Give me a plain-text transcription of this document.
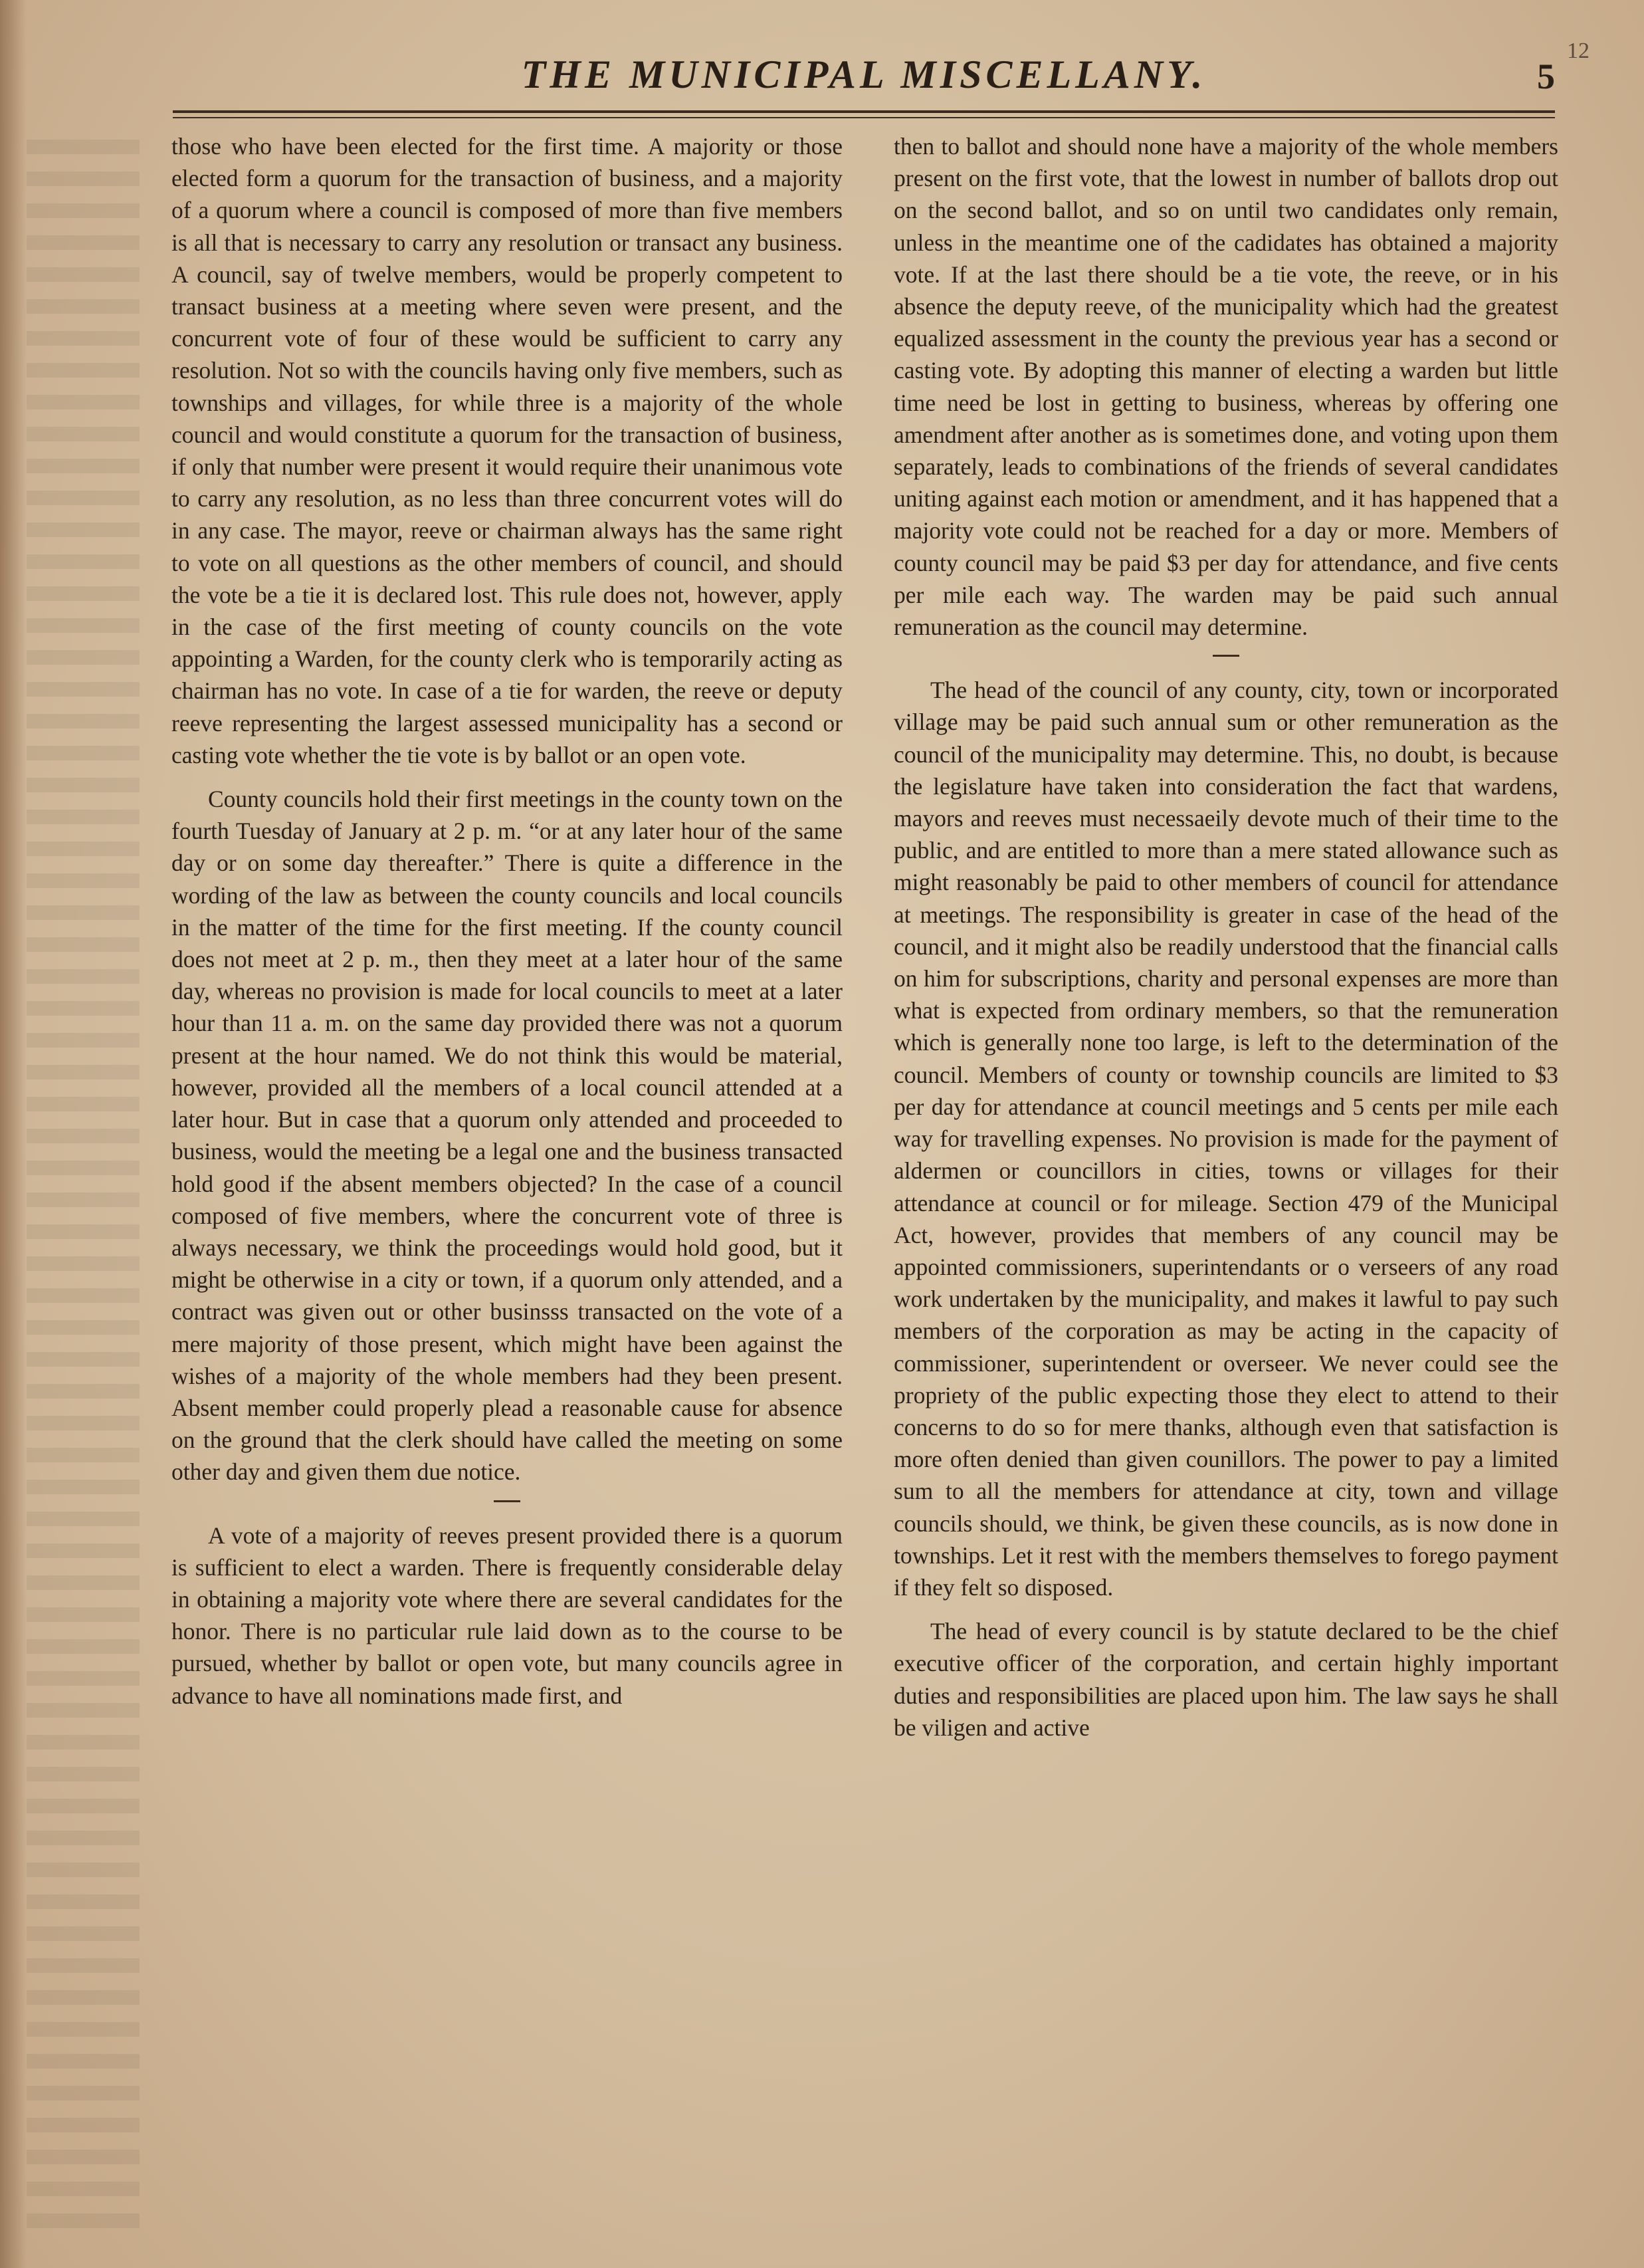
THE MUNICIPAL MISCELLANY.	5
12

those who have been elected for the first time. A majority or those elected form a quorum for the transaction of business, and a majority of a quorum where a council is composed of more than five members is all that is necessary to carry any resolution or transact any business. A council, say of twelve members, would be properly competent to transact business at a meeting where seven were present, and the concurrent vote of four of these would be sufficient to carry any resolution. Not so with the councils having only five members, such as townships and villages, for while three is a majority of the whole council and would constitute a quorum for the transaction of business, if only that number were present it would require their unanimous vote to carry any resolution, as no less than three concurrent votes will do in any case. The mayor, reeve or chairman always has the same right to vote on all questions as the other members of council, and should the vote be a tie it is declared lost. This rule does not, however, apply in the case of the first meeting of county councils on the vote appointing a Warden, for the county clerk who is temporarily acting as chairman has no vote. In case of a tie for warden, the reeve or deputy reeve representing the largest assessed municipality has a second or casting vote whether the tie vote is by ballot or an open vote.

County councils hold their first meetings in the county town on the fourth Tuesday of January at 2 p. m. “or at any later hour of the same day or on some day thereafter.” There is quite a difference in the wording of the law as between the county councils and local councils in the matter of the time for the first meeting. If the county council does not meet at 2 p. m., then they meet at a later hour of the same day, whereas no provision is made for local councils to meet at a later hour than 11 a. m. on the same day provided there was not a quorum present at the hour named. We do not think this would be material, however, provided all the members of a local council attended at a later hour. But in case that a quorum only attended and proceeded to business, would the meeting be a legal one and the business transacted hold good if the absent members objected? In the case of a council composed of five members, where the concurrent vote of three is always necessary, we think the proceedings would hold good, but it might be otherwise in a city or town, if a quorum only attended, and a contract was given out or other businsss transacted on the vote of a mere majority of those present, which might have been against the wishes of a majority of the whole members had they been present. Absent member could properly plead a reasonable cause for absence on the ground that the clerk should have called the meeting on some other day and given them due notice.

A vote of a majority of reeves present provided there is a quorum is sufficient to elect a warden. There is frequently considerable delay in obtaining a majority vote where there are several candidates for the honor. There is no particular rule laid down as to the course to be pursued, whether by ballot or open vote, but many councils agree in advance to have all nominations made first, and

then to ballot and should none have a majority of the whole members present on the first vote, that the lowest in number of ballots drop out on the second ballot, and so on until two candidates only remain, unless in the meantime one of the cadidates has obtained a majority vote. If at the last there should be a tie vote, the reeve, or in his absence the deputy reeve, of the municipality which had the greatest equalized assessment in the county the previous year has a second or casting vote. By adopting this manner of electing a warden but little time need be lost in getting to business, whereas by offering one amendment after another as is sometimes done, and voting upon them separately, leads to combinations of the friends of several candidates uniting against each motion or amendment, and it has happened that a majority vote could not be reached for a day or more. Members of county council may be paid $3 per day for attendance, and five cents per mile each way. The warden may be paid such annual remuneration as the council may determine.

The head of the council of any county, city, town or incorporated village may be paid such annual sum or other remuneration as the council of the municipality may determine. This, no doubt, is because the legislature have taken into consideration the fact that wardens, mayors and reeves must necessaeily devote much of their time to the public, and are entitled to more than a mere stated allowance such as might reasonably be paid to other members of council for attendance at meetings. The responsibility is greater in case of the head of the council, and it might also be readily understood that the financial calls on him for subscriptions, charity and personal expenses are more than what is expected from ordinary members, so that the remuneration which is generally none too large, is left to the determination of the council. Members of county or township councils are limited to $3 per day for attendance at council meetings and 5 cents per mile each way for travelling expenses. No provision is made for the payment of aldermen or councillors in cities, towns or villages for their attendance at council or for mileage. Section 479 of the Municipal Act, however, provides that members of any council may be appointed commissioners, superintendants or o verseers of any road work undertaken by the municipality, and makes it lawful to pay such members of the corporation as may be acting in the capacity of commissioner, superintendent or overseer. We never could see the propriety of the public expecting those they elect to attend to their concerns to do so for mere thanks, although even that satisfaction is more often denied than given counillors. The power to pay a limited sum to all the members for attendance at city, town and village councils should, we think, be given these councils, as is now done in townships. Let it rest with the members themselves to forego payment if they felt so disposed.

The head of every council is by statute declared to be the chief executive officer of the corporation, and certain highly important duties and responsibilities are placed upon him. The law says he shall be viligen and active
